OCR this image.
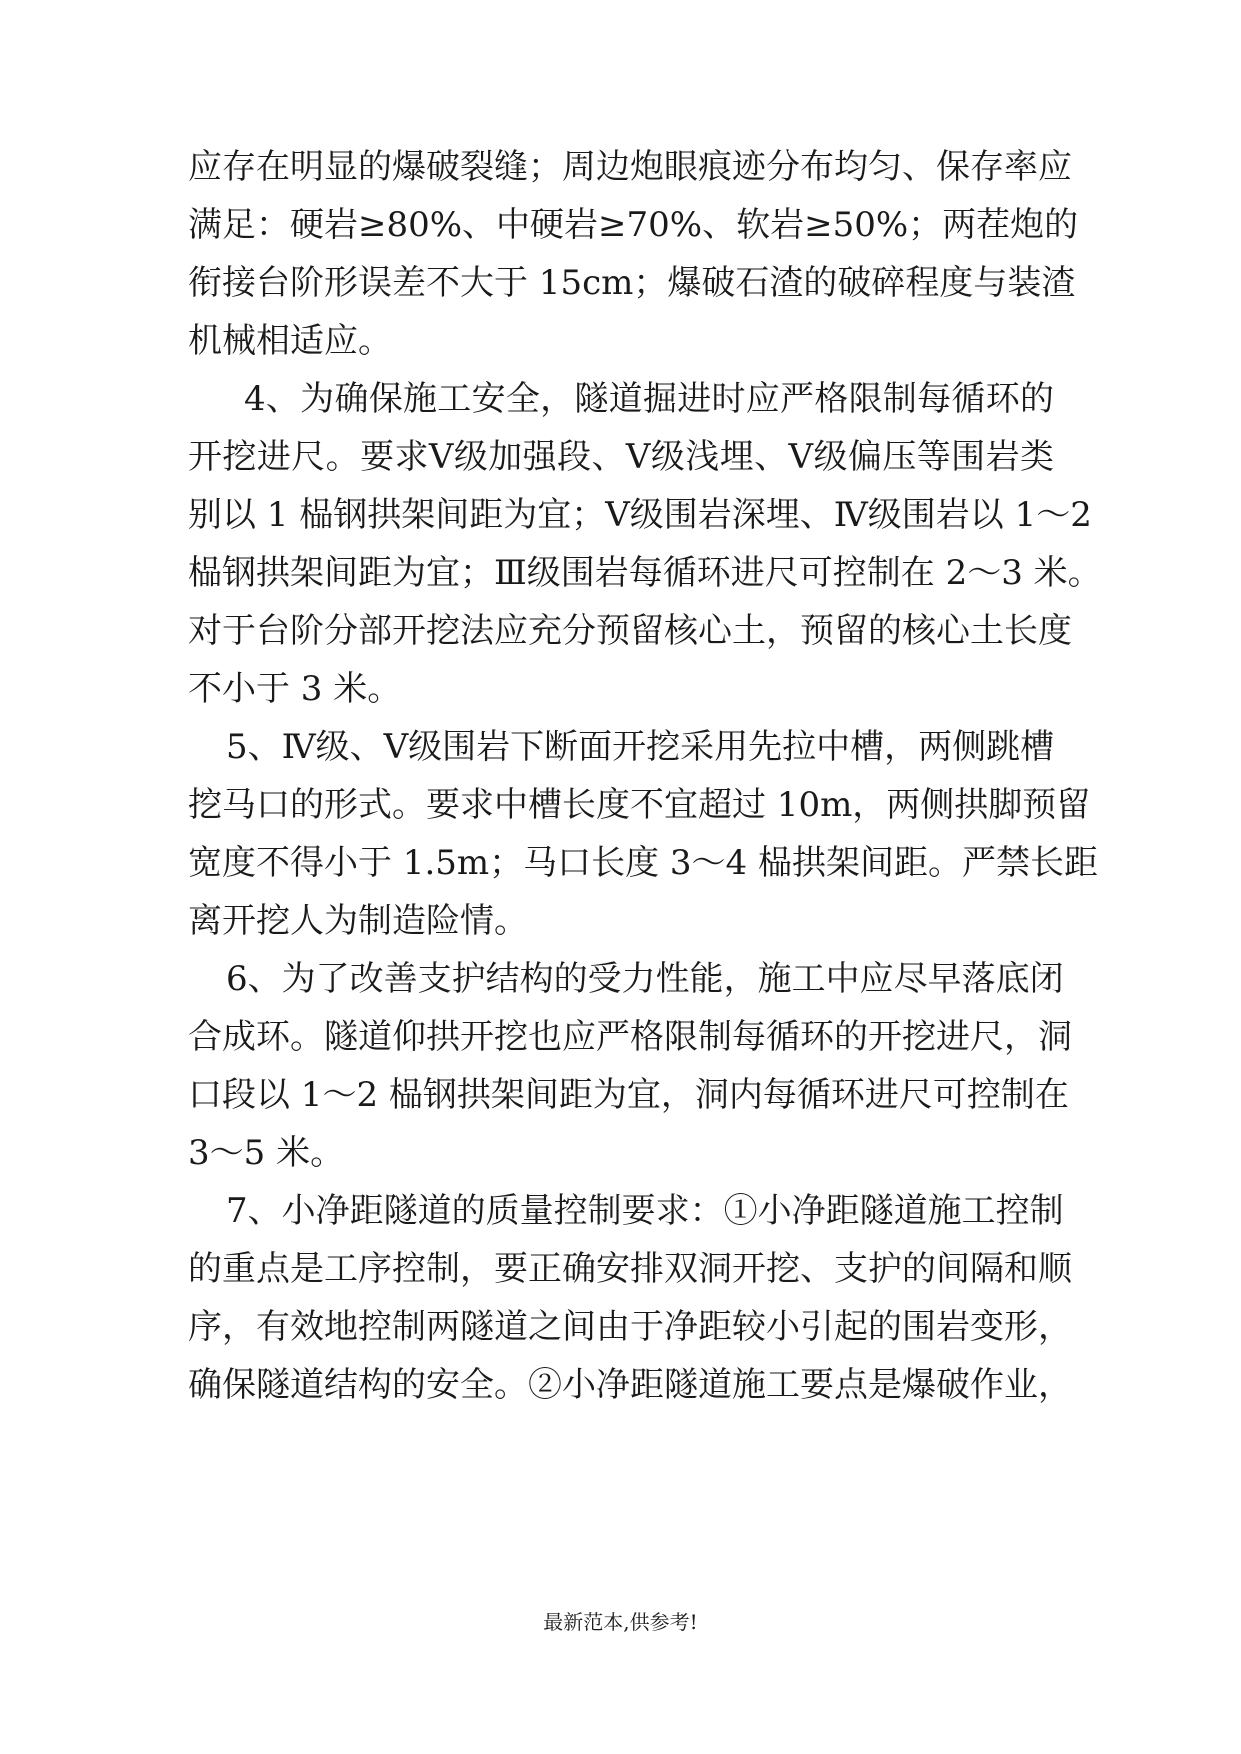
应存在明显的爆破裂缝；周边炮眼痕迹分布均匀、保存率应
满足：硬岩≥80%、中硬岩≥70%、软岩≥50%；两茬炮的
衔接台阶形误差不大于 15cm；爆破石渣的破碎程度与装渣
机械相适应。
4、为确保施工安全，隧道掘进时应严格限制每循环的
开挖进尺。要求Ⅴ级加强段、Ⅴ级浅埋、Ⅴ级偏压等围岩类
别以 1 榀钢拱架间距为宜；Ⅴ级围岩深埋、Ⅳ级围岩以 1～2
榀钢拱架间距为宜；Ⅲ级围岩每循环进尺可控制在 2～3 米。
对于台阶分部开挖法应充分预留核心土，预留的核心土长度
不小于 3 米。
5、Ⅳ级、Ⅴ级围岩下断面开挖采用先拉中槽，两侧跳槽
挖马口的形式。要求中槽长度不宜超过 10m，两侧拱脚预留
宽度不得小于 1.5m；马口长度 3～4 榀拱架间距。严禁长距
离开挖人为制造险情。
6、为了改善支护结构的受力性能，施工中应尽早落底闭
合成环。隧道仰拱开挖也应严格限制每循环的开挖进尺，洞
口段以 1～2 榀钢拱架间距为宜，洞内每循环进尺可控制在
3～5 米。
7、小净距隧道的质量控制要求：①小净距隧道施工控制
的重点是工序控制，要正确安排双洞开挖、支护的间隔和顺
序，有效地控制两隧道之间由于净距较小引起的围岩变形，
确保隧道结构的安全。②小净距隧道施工要点是爆破作业，
最新范本,供参考!
